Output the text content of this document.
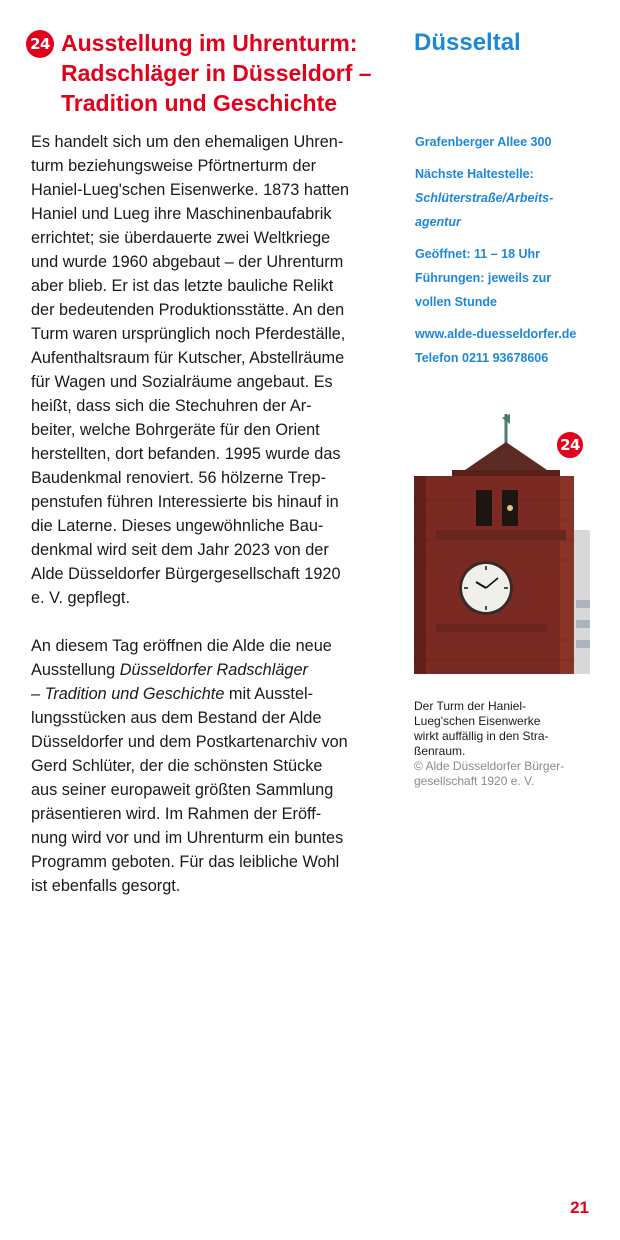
24 Ausstellung im Uhrenturm:
Radschläger in Düsseldorf –
Tradition und Geschichte
Düsseltal
Es handelt sich um den ehemaligen Uhren-
turm beziehungsweise Pförtnerturm der
Haniel-Lueg'schen Eisenwerke. 1873 hatten
Haniel und Lueg ihre Maschinenbaufabrik
errichtet; sie überdauerte zwei Weltkriege
und wurde 1960 abgebaut – der Uhrenturm
aber blieb. Er ist das letzte bauliche Relikt
der bedeutenden Produktionsstätte. An den
Turm waren ursprünglich noch Pferdeställe,
Aufenthaltsraum für Kutscher, Abstellräume
für Wagen und Sozialräume angebaut. Es
heißt, dass sich die Stechuhren der Ar-
beiter, welche Bohrgeräte für den Orient
herstellten, dort befanden. 1995 wurde das
Baudenkmal renoviert. 56 hölzerne Trep-
penstufen führen Interessierte bis hinauf in
die Laterne. Dieses ungewöhnliche Bau-
denkmal wird seit dem Jahr 2023 von der
Alde Düsseldorfer Bürgergesellschaft 1920
e. V. gepflegt.
An diesem Tag eröffnen die Alde die neue
Ausstellung Düsseldorfer Radschläger
– Tradition und Geschichte mit Ausstel-
lungsstücken aus dem Bestand der Alde
Düsseldorfer und dem Postkartenarchiv von
Gerd Schlüter, der die schönsten Stücke
aus seiner europaweit größten Sammlung
präsentieren wird. Im Rahmen der Eröff-
nung wird vor und im Uhrenturm ein buntes
Programm geboten. Für das leibliche Wohl
ist ebenfalls gesorgt.
Grafenberger Allee 300
Nächste Haltestelle:
Schlüterstraße/Arbeits-
agentur
Geöffnet: 11 – 18 Uhr
Führungen: jeweils zur
vollen Stunde
www.alde-duesseldorfer.de
Telefon 0211 93678606
24
Der Turm der Haniel-
Lueg'schen Eisenwerke
wirkt auffällig in den Stra-
ßenraum.
© Alde Düsseldorfer Bürger-
gesellschaft 1920 e. V.
21
